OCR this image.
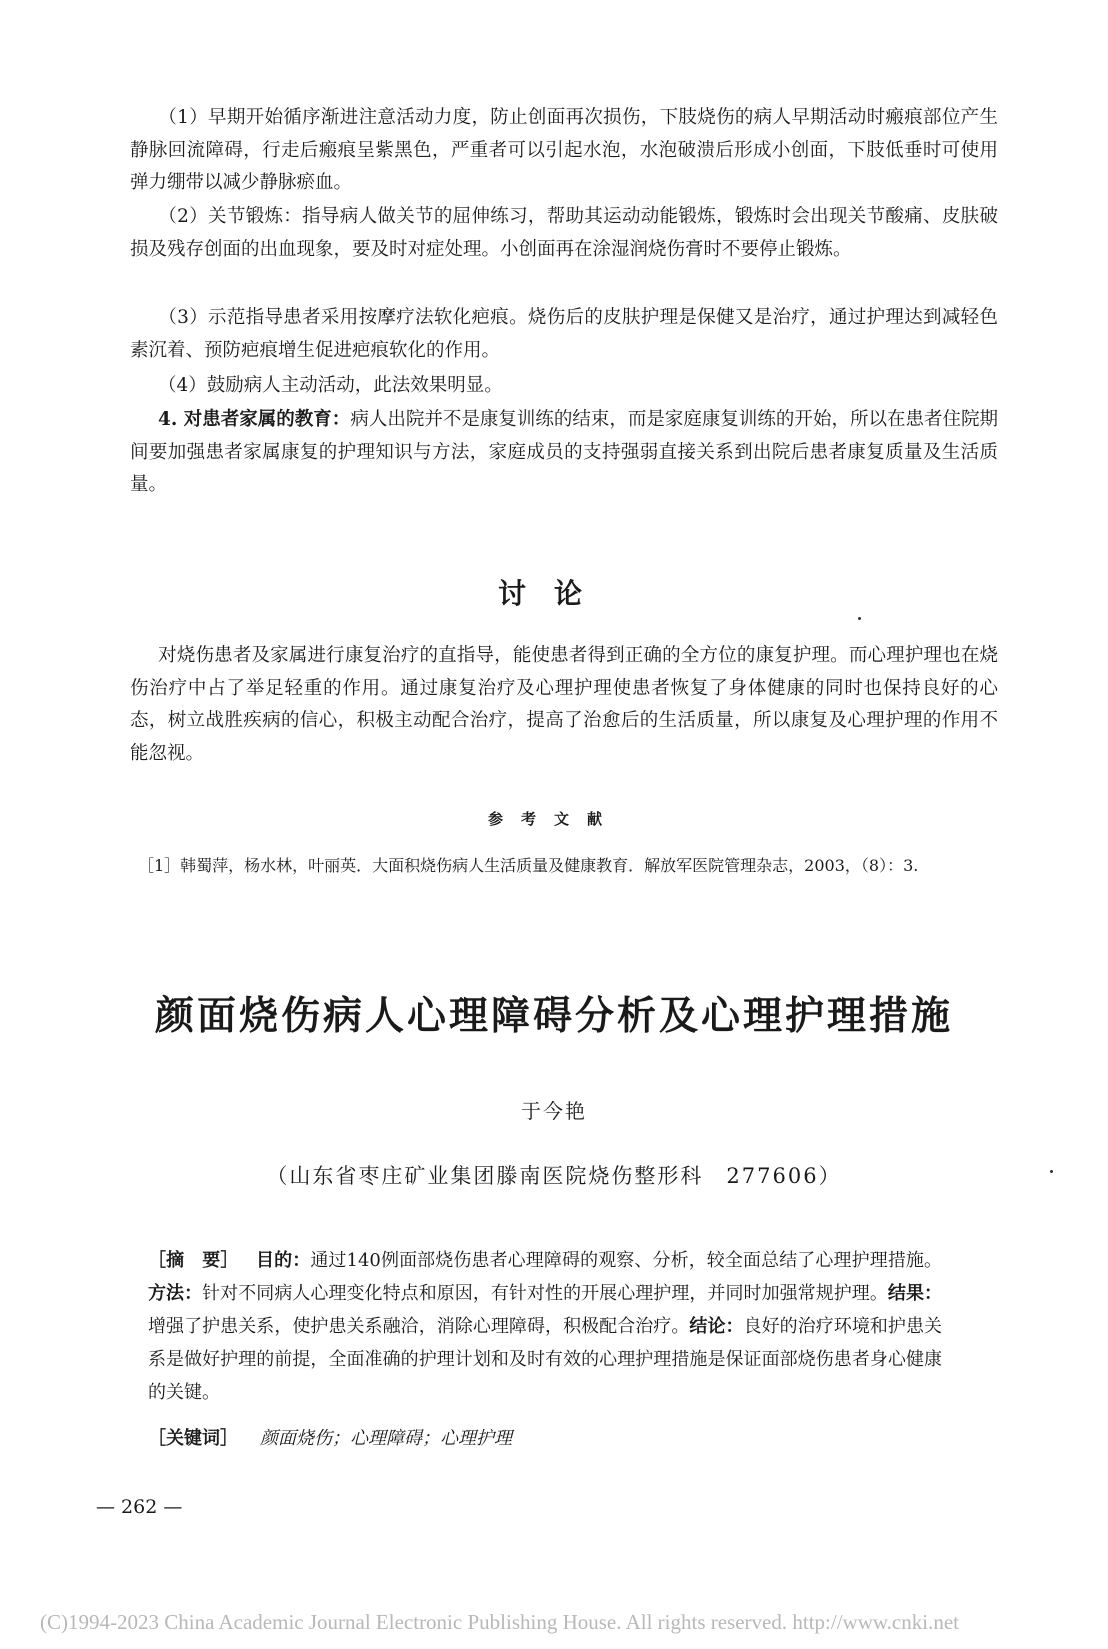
（1）早期开始循序渐进注意活动力度，防止创面再次损伤，下肢烧伤的病人早期活动时瘢痕部位产生静脉回流障碍，行走后瘢痕呈紫黑色，严重者可以引起水泡，水泡破溃后形成小创面，下肢低垂时可使用弹力绷带以减少静脉瘀血。

（2）关节锻炼：指导病人做关节的屈伸练习，帮助其运动动能锻炼，锻炼时会出现关节酸痛、皮肤破损及残存创面的出血现象，要及时对症处理。小创面再在涂湿润烧伤膏时不要停止锻炼。

（3）示范指导患者采用按摩疗法软化疤痕。烧伤后的皮肤护理是保健又是治疗，通过护理达到减轻色素沉着、预防疤痕增生促进疤痕软化的作用。

（4）鼓励病人主动活动，此法效果明显。

4. 对患者家属的教育：病人出院并不是康复训练的结束，而是家庭康复训练的开始，所以在患者住院期间要加强患者家属康复的护理知识与方法，家庭成员的支持强弱直接关系到出院后患者康复质量及生活质量。

讨论

对烧伤患者及家属进行康复治疗的直指导，能使患者得到正确的全方位的康复护理。而心理护理也在烧伤治疗中占了举足轻重的作用。通过康复治疗及心理护理使患者恢复了身体健康的同时也保持良好的心态，树立战胜疾病的信心，积极主动配合治疗，提高了治愈后的生活质量，所以康复及心理护理的作用不能忽视。

参考文献
［1］韩蜀萍，杨水林，叶丽英．大面积烧伤病人生活质量及健康教育．解放军医院管理杂志，2003，（8）：3.
颜面烧伤病人心理障碍分析及心理护理措施
于今艳
（山东省枣庄矿业集团滕南医院烧伤整形科　277606）

［摘　要］ 目的：通过140例面部烧伤患者心理障碍的观察、分析，较全面总结了心理护理措施。方法：针对不同病人心理变化特点和原因，有针对性的开展心理护理，并同时加强常规护理。结果：增强了护患关系，使护患关系融洽，消除心理障碍，积极配合治疗。结论：良好的治疗环境和护患关系是做好护理的前提，全面准确的护理计划和及时有效的心理护理措施是保证面部烧伤患者身心健康的关键。

［关键词］ 颜面烧伤；心理障碍；心理护理
— 262 —
(C)1994-2023 China Academic Journal Electronic Publishing House. All rights reserved. http://www.cnki.net
